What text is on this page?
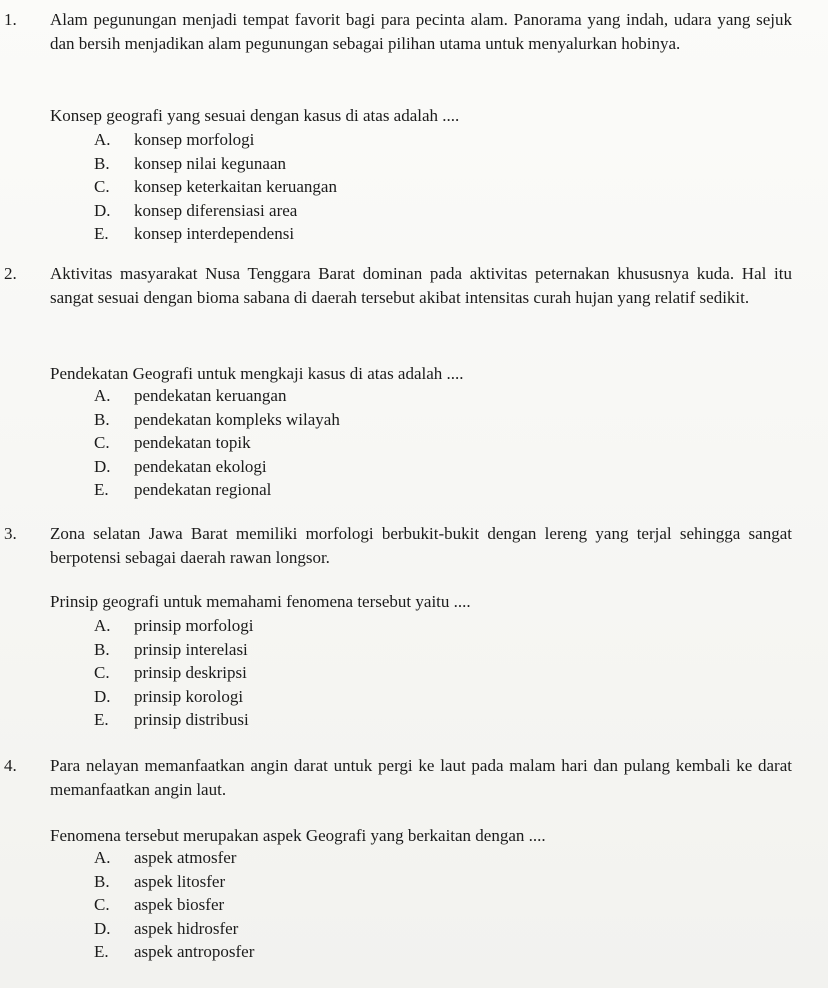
1. Alam pegunungan menjadi tempat favorit bagi para pecinta alam. Panorama yang indah, udara yang sejuk dan bersih menjadikan alam pegunungan sebagai pilihan utama untuk menyalurkan hobinya.
Konsep geografi yang sesuai dengan kasus di atas adalah ....
A. konsep morfologi
B. konsep nilai kegunaan
C. konsep keterkaitan keruangan
D. konsep diferensiasi area
E. konsep interdependensi
2. Aktivitas masyarakat Nusa Tenggara Barat dominan pada aktivitas peternakan khususnya kuda. Hal itu sangat sesuai dengan bioma sabana di daerah tersebut akibat intensitas curah hujan yang relatif sedikit.
Pendekatan Geografi untuk mengkaji kasus di atas adalah ....
A. pendekatan keruangan
B. pendekatan kompleks wilayah
C. pendekatan topik
D. pendekatan ekologi
E. pendekatan regional
3. Zona selatan Jawa Barat memiliki morfologi berbukit-bukit dengan lereng yang terjal sehingga sangat berpotensi sebagai daerah rawan longsor.
Prinsip geografi untuk memahami fenomena tersebut yaitu ....
A. prinsip morfologi
B. prinsip interelasi
C. prinsip deskripsi
D. prinsip korologi
E. prinsip distribusi
4. Para nelayan memanfaatkan angin darat untuk pergi ke laut pada malam hari dan pulang kembali ke darat memanfaatkan angin laut.
Fenomena tersebut merupakan aspek Geografi yang berkaitan dengan ....
A. aspek atmosfer
B. aspek litosfer
C. aspek biosfer
D. aspek hidrosfer
E. aspek antroposfer
